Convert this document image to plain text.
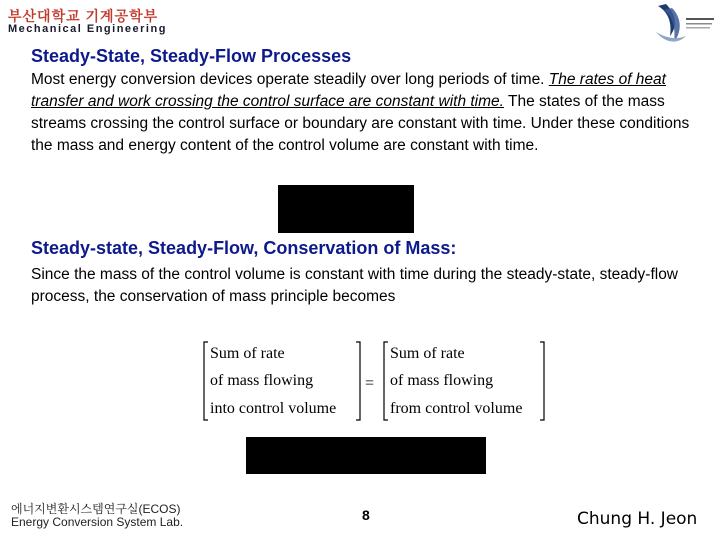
부산대학교 기계공학부
Mechanical Engineering
Steady-State, Steady-Flow Processes
Most energy conversion devices operate steadily over long periods of time. The rates of heat transfer and work crossing the control surface are constant with time. The states of the mass streams crossing the control surface or boundary are constant with time. Under these conditions the mass and energy content of the control volume are constant with time.
Steady-state, Steady-Flow, Conservation of Mass:
Since the mass of the control volume is constant with time during the steady-state, steady-flow process, the conservation of mass principle becomes
Sum of rate
of mass flowing
into control volume
=
Sum of rate
of mass flowing
from control volume
에너지변환시스템연구실(ECOS)
Energy Conversion System Lab.	8	Chung H. Jeon
